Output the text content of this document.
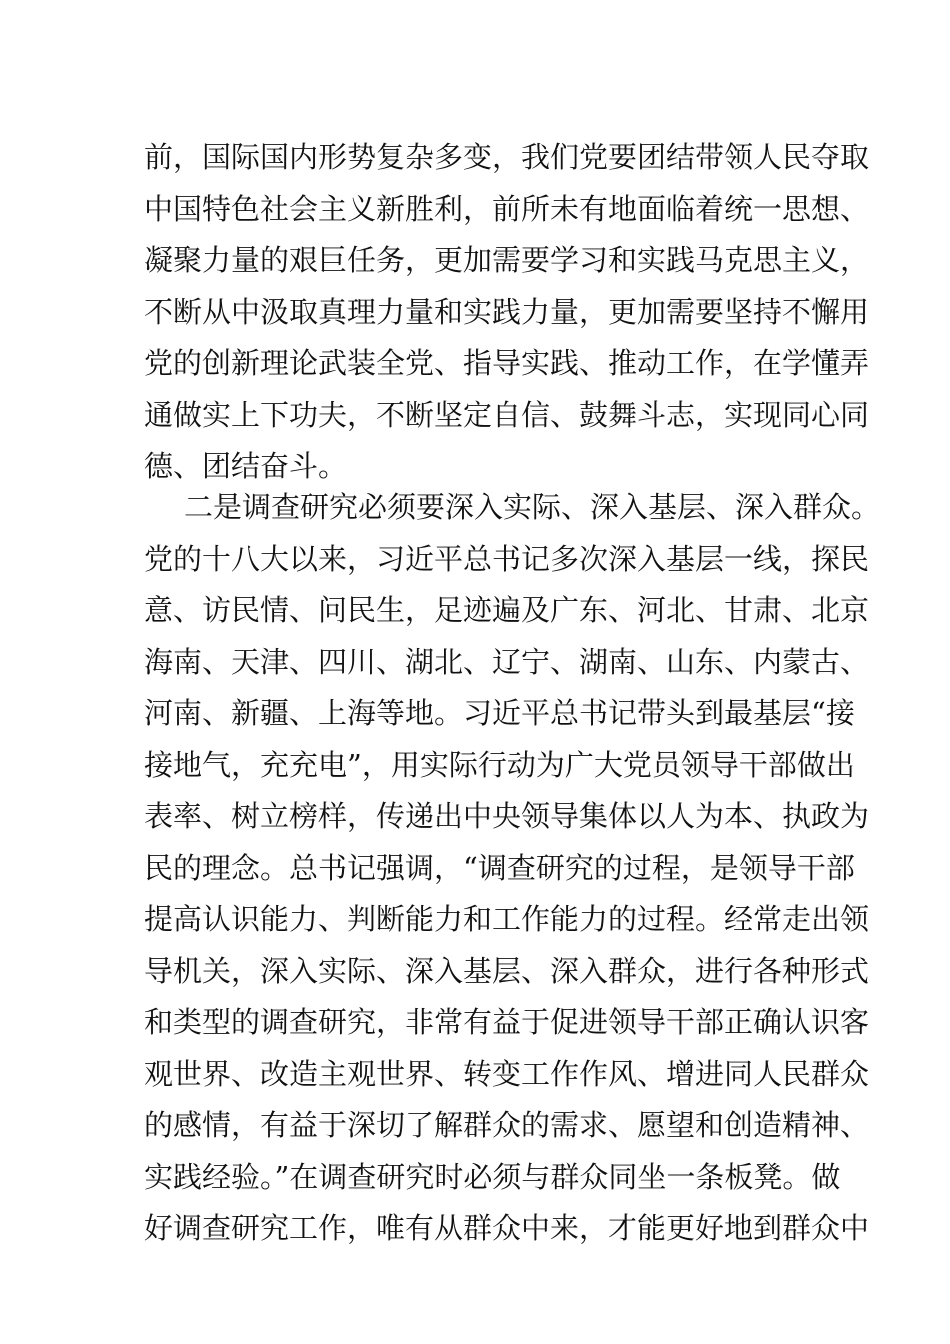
前，国际国内形势复杂多变，我们党要团结带领人民夺取
中国特色社会主义新胜利，前所未有地面临着统一思想、
凝聚力量的艰巨任务，更加需要学习和实践马克思主义，
不断从中汲取真理力量和实践力量，更加需要坚持不懈用
党的创新理论武装全党、指导实践、推动工作，在学懂弄
通做实上下功夫，不断坚定自信、鼓舞斗志，实现同心同
德、团结奋斗。
二是调查研究必须要深入实际、深入基层、深入群众。
党的十八大以来，习近平总书记多次深入基层一线，探民
意、访民情、问民生，足迹遍及广东、河北、甘肃、北京
海南、天津、四川、湖北、辽宁、湖南、山东、内蒙古、
河南、新疆、上海等地。习近平总书记带头到最基层“接
接地气，充充电”，用实际行动为广大党员领导干部做出
表率、树立榜样，传递出中央领导集体以人为本、执政为
民的理念。总书记强调，“调查研究的过程，是领导干部
提高认识能力、判断能力和工作能力的过程。经常走出领
导机关，深入实际、深入基层、深入群众，进行各种形式
和类型的调查研究，非常有益于促进领导干部正确认识客
观世界、改造主观世界、转变工作作风、增进同人民群众
的感情，有益于深切了解群众的需求、愿望和创造精神、
实践经验。”在调查研究时必须与群众同坐一条板凳。做
好调查研究工作，唯有从群众中来，才能更好地到群众中
